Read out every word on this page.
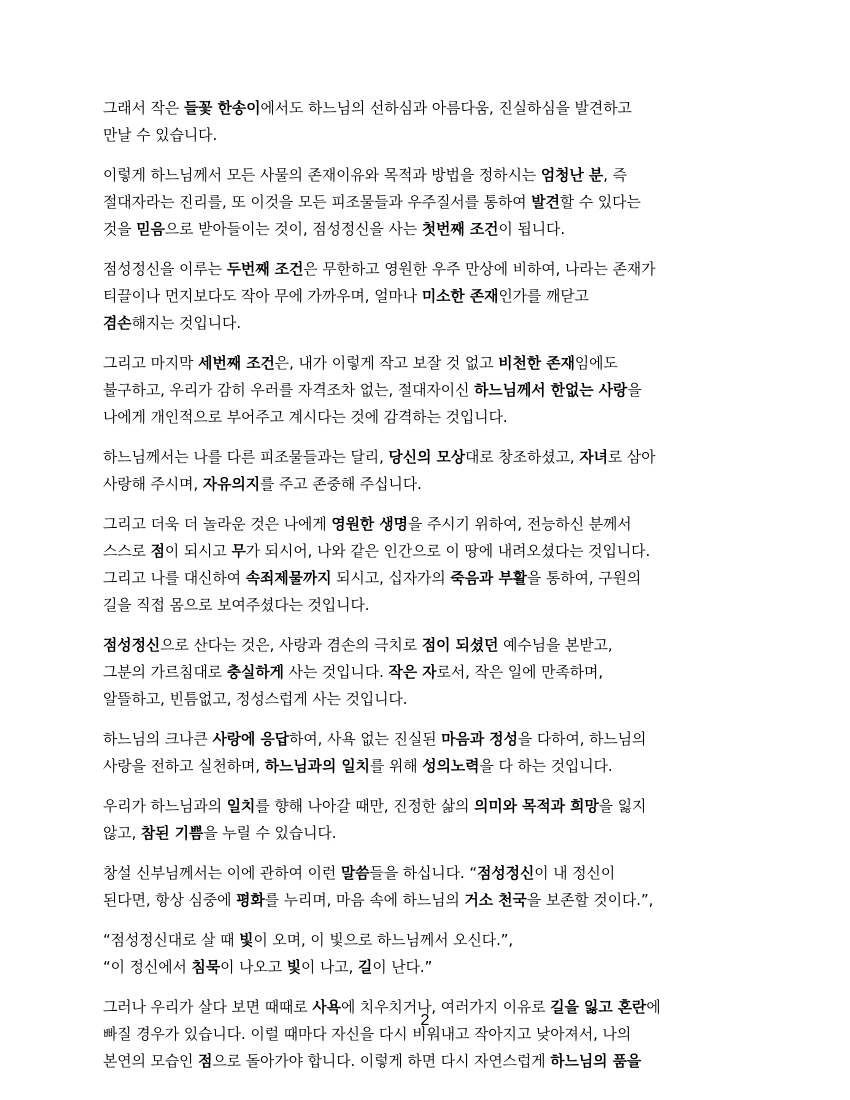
그래서 작은 들꽃 한송이에서도 하느님의 선하심과 아름다움, 진실하심을 발견하고
만날 수 있습니다.

이렇게 하느님께서 모든 사물의 존재이유와 목적과 방법을 정하시는 엄청난 분, 즉
절대자라는 진리를, 또 이것을 모든 피조물들과 우주질서를 통하여 발견할 수 있다는
것을 믿음으로 받아들이는 것이, 점성정신을 사는 첫번째 조건이 됩니다.

점성정신을 이루는 두번째 조건은 무한하고 영원한 우주 만상에 비하여, 나라는 존재가
티끌이나 먼지보다도 작아 무에 가까우며, 얼마나 미소한 존재인가를 깨닫고
겸손해지는 것입니다.

그리고 마지막 세번째 조건은, 내가 이렇게 작고 보잘 것 없고 비천한 존재임에도
불구하고, 우리가 감히 우러를 자격조차 없는, 절대자이신 하느님께서 한없는 사랑을
나에게 개인적으로 부어주고 계시다는 것에 감격하는 것입니다.

하느님께서는 나를 다른 피조물들과는 달리, 당신의 모상대로 창조하셨고, 자녀로 삼아
사랑해 주시며, 자유의지를 주고 존중해 주십니다.

그리고 더욱 더 놀라운 것은 나에게 영원한 생명을 주시기 위하여, 전능하신 분께서
스스로 점이 되시고 무가 되시어, 나와 같은 인간으로 이 땅에 내려오셨다는 것입니다.
그리고 나를 대신하여 속죄제물까지 되시고, 십자가의 죽음과 부활을 통하여, 구원의
길을 직접 몸으로 보여주셨다는 것입니다.

점성정신으로 산다는 것은, 사랑과 겸손의 극치로 점이 되셨던 예수님을 본받고,
그분의 가르침대로 충실하게 사는 것입니다. 작은 자로서, 작은 일에 만족하며,
알뜰하고, 빈틈없고, 정성스럽게 사는 것입니다.

하느님의 크나큰 사랑에 응답하여, 사욕 없는 진실된 마음과 정성을 다하여, 하느님의
사랑을 전하고 실천하며, 하느님과의 일치를 위해 성의노력을 다 하는 것입니다.

우리가 하느님과의 일치를 향해 나아갈 때만, 진정한 삶의 의미와 목적과 희망을 잃지
않고, 참된 기쁨을 누릴 수 있습니다.

창설 신부님께서는 이에 관하여 이런 말씀들을 하십니다. “점성정신이 내 정신이
된다면, 항상 심중에 평화를 누리며, 마음 속에 하느님의 거소 천국을 보존할 것이다.”,

“점성정신대로 살 때 빛이 오며, 이 빛으로 하느님께서 오신다.”,
“이 정신에서 침묵이 나오고 빛이 나고, 길이 난다.”

그러나 우리가 살다 보면 때때로 사욕에 치우치거나, 여러가지 이유로 길을 잃고 혼란에
빠질 경우가 있습니다. 이럴 때마다 자신을 다시 비워내고 작아지고 낮아져서, 나의
본연의 모습인 점으로 돌아가야 합니다. 이렇게 하면 다시 자연스럽게 하느님의 품을

2
